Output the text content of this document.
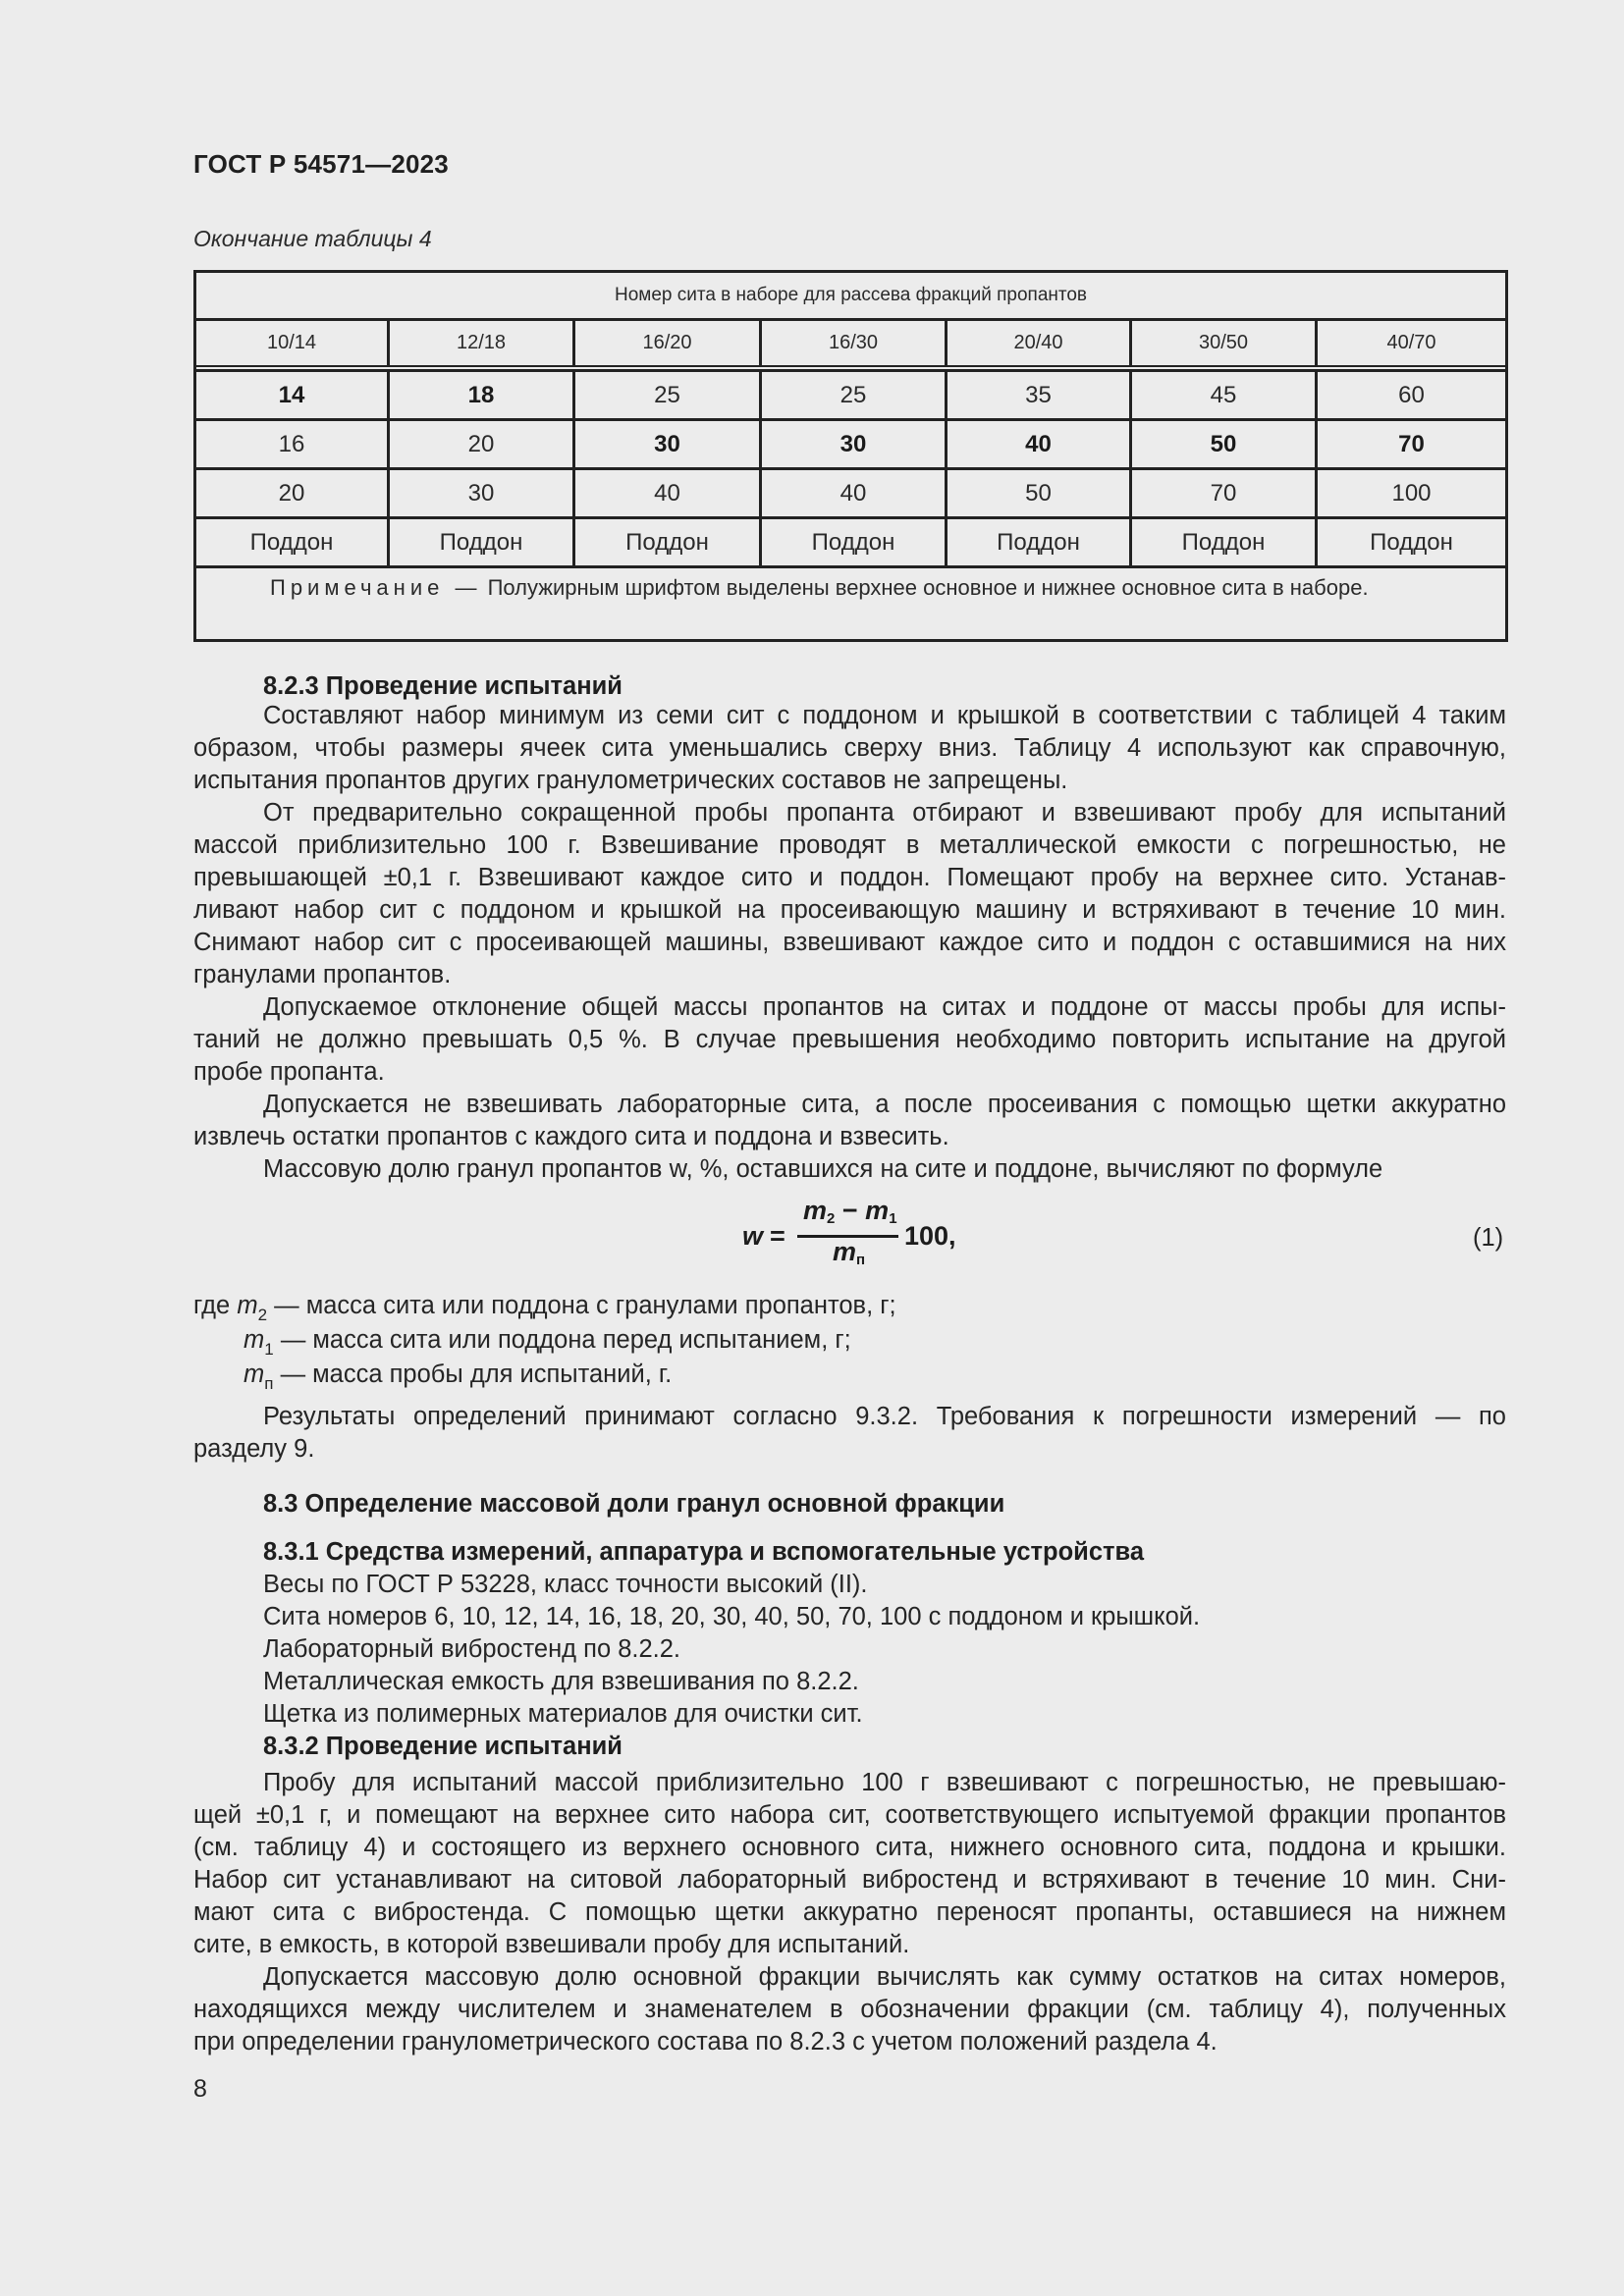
ГОСТ Р 54571—2023
Окончание таблицы 4
Номер сита в наборе для рассева фракций пропантов
10/14	12/18	16/20	16/30	20/40	30/50	40/70
14	18	25	25	35	45	60
16	20	30	30	40	50	70
20	30	40	40	50	70	100
Поддон	Поддон	Поддон	Поддон	Поддон	Поддон	Поддон
Примечание — Полужирным шрифтом выделены верхнее основное и нижнее основное сита в наборе.
8.2.3 Проведение испытаний
Составляют набор минимум из семи сит с поддоном и крышкой в соответствии с таблицей 4 таким
образом, чтобы размеры ячеек сита уменьшались сверху вниз. Таблицу 4 используют как справочную,
испытания пропантов других гранулометрических составов не запрещены.
От предварительно сокращенной пробы пропанта отбирают и взвешивают пробу для испытаний
массой приблизительно 100 г. Взвешивание проводят в металлической емкости с погрешностью, не
превышающей ±0,1 г. Взвешивают каждое сито и поддон. Помещают пробу на верхнее сито. Устанав-
ливают набор сит с поддоном и крышкой на просеивающую машину и встряхивают в течение 10 мин.
Снимают набор сит с просеивающей машины, взвешивают каждое сито и поддон с оставшимися на них
гранулами пропантов.
Допускаемое отклонение общей массы пропантов на ситах и поддоне от массы пробы для испы-
таний не должно превышать 0,5 %. В случае превышения необходимо повторить испытание на другой
пробе пропанта.
Допускается не взвешивать лабораторные сита, а после просеивания с помощью щетки аккуратно
извлечь остатки пропантов с каждого сита и поддона и взвесить.
Массовую долю гранул пропантов w, %, оставшихся на сите и поддоне, вычисляют по формуле
w =
$m_2 - m_1$
$m_п$
100,	(1)
где $m_2$ — масса сита или поддона с гранулами пропантов, г;
$m_1$ — масса сита или поддона перед испытанием, г;
$m_п$ — масса пробы для испытаний, г.
Результаты определений принимают согласно 9.3.2. Требования к погрешности измерений — по
разделу 9.
8.3 Определение массовой доли гранул основной фракции
8.3.1 Средства измерений, аппаратура и вспомогательные устройства
Весы по ГОСТ Р 53228, класс точности высокий (II).
Сита номеров 6, 10, 12, 14, 16, 18, 20, 30, 40, 50, 70, 100 с поддоном и крышкой.
Лабораторный вибростенд по 8.2.2.
Металлическая емкость для взвешивания по 8.2.2.
Щетка из полимерных материалов для очистки сит.
8.3.2 Проведение испытаний
Пробу для испытаний массой приблизительно 100 г взвешивают с погрешностью, не превышаю-
щей ±0,1 г, и помещают на верхнее сито набора сит, соответствующего испытуемой фракции пропантов
(см. таблицу 4) и состоящего из верхнего основного сита, нижнего основного сита, поддона и крышки.
Набор сит устанавливают на ситовой лабораторный вибростенд и встряхивают в течение 10 мин. Сни-
мают сита с вибростенда. С помощью щетки аккуратно переносят пропанты, оставшиеся на нижнем
сите, в емкость, в которой взвешивали пробу для испытаний.
Допускается массовую долю основной фракции вычислять как сумму остатков на ситах номеров,
находящихся между числителем и знаменателем в обозначении фракции (см. таблицу 4), полученных
при определении гранулометрического состава по 8.2.3 с учетом положений раздела 4.
8
